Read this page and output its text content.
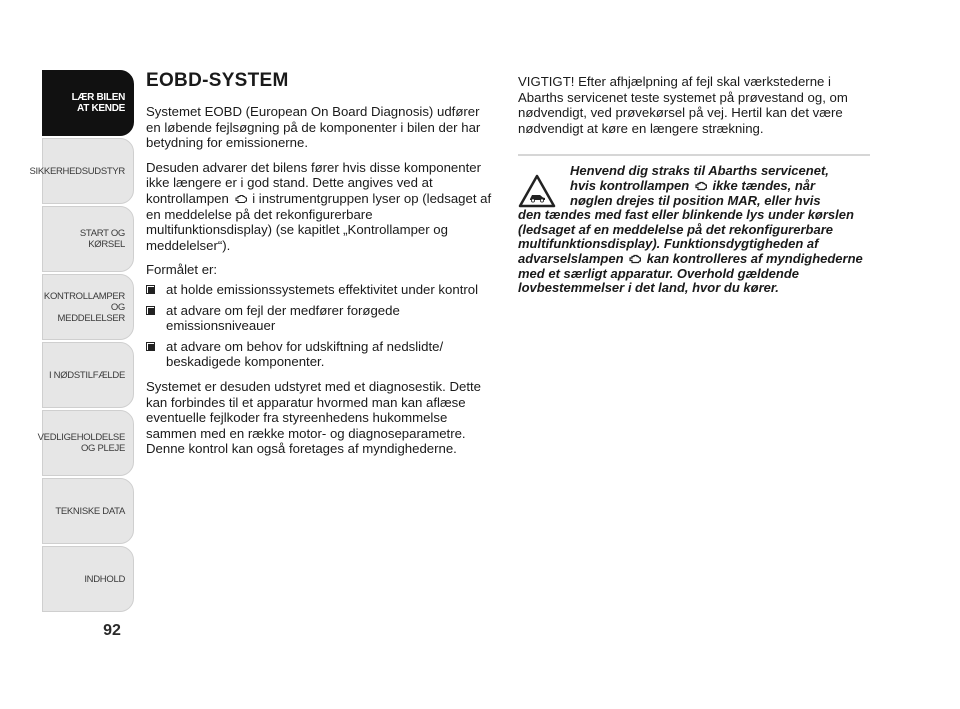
LÆR BILEN
AT KENDE
SIKKERHEDSUDSTYR
START OG KØRSEL
KONTROLLAMPER
OG MEDDELELSER
I NØDSTILFÆLDE
VEDLIGEHOLDELSE
OG PLEJE
TEKNISKE DATA
INDHOLD
92
EOBD-SYSTEM

Systemet EOBD (European On Board Diagnosis) udfører en løbende fejlsøgning på de komponenter i bilen der har betydning for emissionerne.

Desuden advarer det bilens fører hvis disse komponenter ikke længere er i god stand. Dette angives ved at kontrollampen i instrumentgruppen lyser op (ledsaget af en meddelelse på det rekonfigurerbare multifunktionsdisplay) (se kapitlet „Kontrollamper og meddelelser“).

Formålet er:

at holde emissionssystemets effektivitet under kontrol
at advare om fejl der medfører forøgede emissionsniveauer
at advare om behov for udskiftning af nedslidte/ beskadigede komponenter.

Systemet er desuden udstyret med et diagnosestik. Dette kan forbindes til et apparatur hvormed man kan aflæse eventuelle fejlkoder fra styreenhedens hukommelse sammen med en række motor- og diagnoseparametre. Denne kontrol kan også foretages af myndighederne.

VIGTIGT! Efter afhjælpning af fejl skal værkstederne i Abarths servicenet teste systemet på prøvestand og, om nødvendigt, ved prøvekørsel på vej. Hertil kan det være nødvendigt at køre en længere strækning.

Henvend dig straks til Abarths servicenet,
hvis kontrollampen ikke tændes, når
nøglen drejes til position MAR, eller hvis
den tændes med fast eller blinkende lys under kørslen (ledsaget af en meddelelse på det rekonfigurerbare multifunktionsdisplay). Funktionsdygtigheden af advarselslampen kan kontrolleres af myndighederne med et særligt apparatur. Overhold gældende lovbestemmelser i det land, hvor du kører.
